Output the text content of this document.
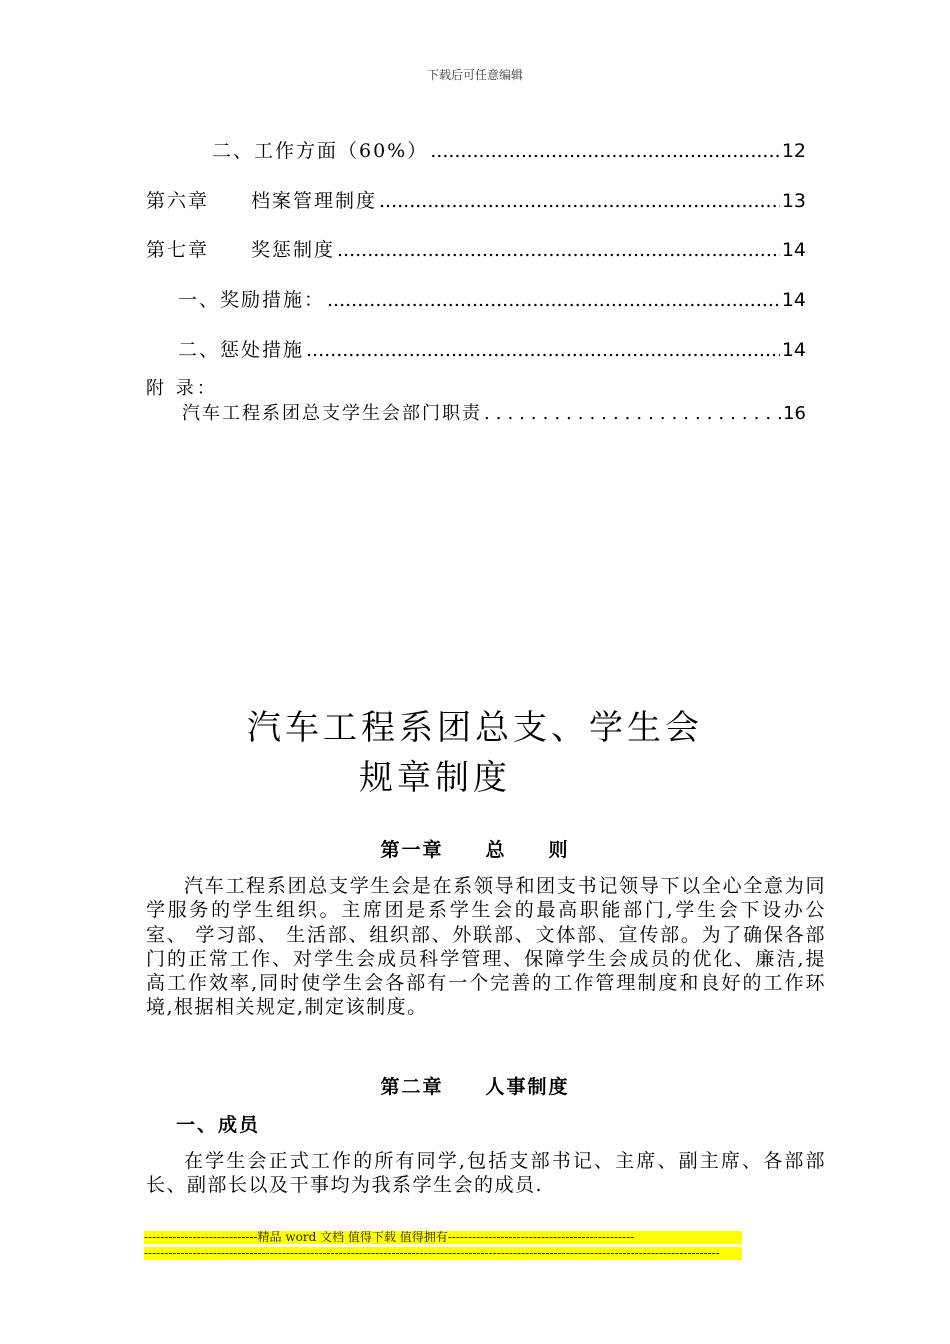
下载后可任意编辑
二、工作方面（60%） .....	12
第六章　　档案管理制度 .....	13
第七章　　奖惩制度 .....	14
一、奖励措施： .....	14
二、惩处措施 .....	14
附 录：
汽车工程系团总支学生会部门职责 .....	16
汽车工程系团总支、学生会
规章制度
第一章　　总　　则
汽车工程系团总支学生会是在系领导和团支书记领导下以全心全意为同学服务的学生组织。主席团是系学生会的最高职能部门,学生会下设办公室、 学习部、 生活部、组织部、外联部、文体部、宣传部。为了确保各部门的正常工作、对学生会成员科学管理、保障学生会成员的优化、廉洁,提高工作效率,同时使学生会各部有一个完善的工作管理制度和良好的工作环境,根据相关规定,制定该制度。
第二章　　人事制度
一、成员
在学生会正式工作的所有同学,包括支部书记、主席、副主席、各部部长、副部长以及干事均为我系学生会的成员.
----------------------------精品 word 文档 值得下载 值得拥有----------------------------------------------
----------------------------------------------------------------------------------------------------------------------------------------------
